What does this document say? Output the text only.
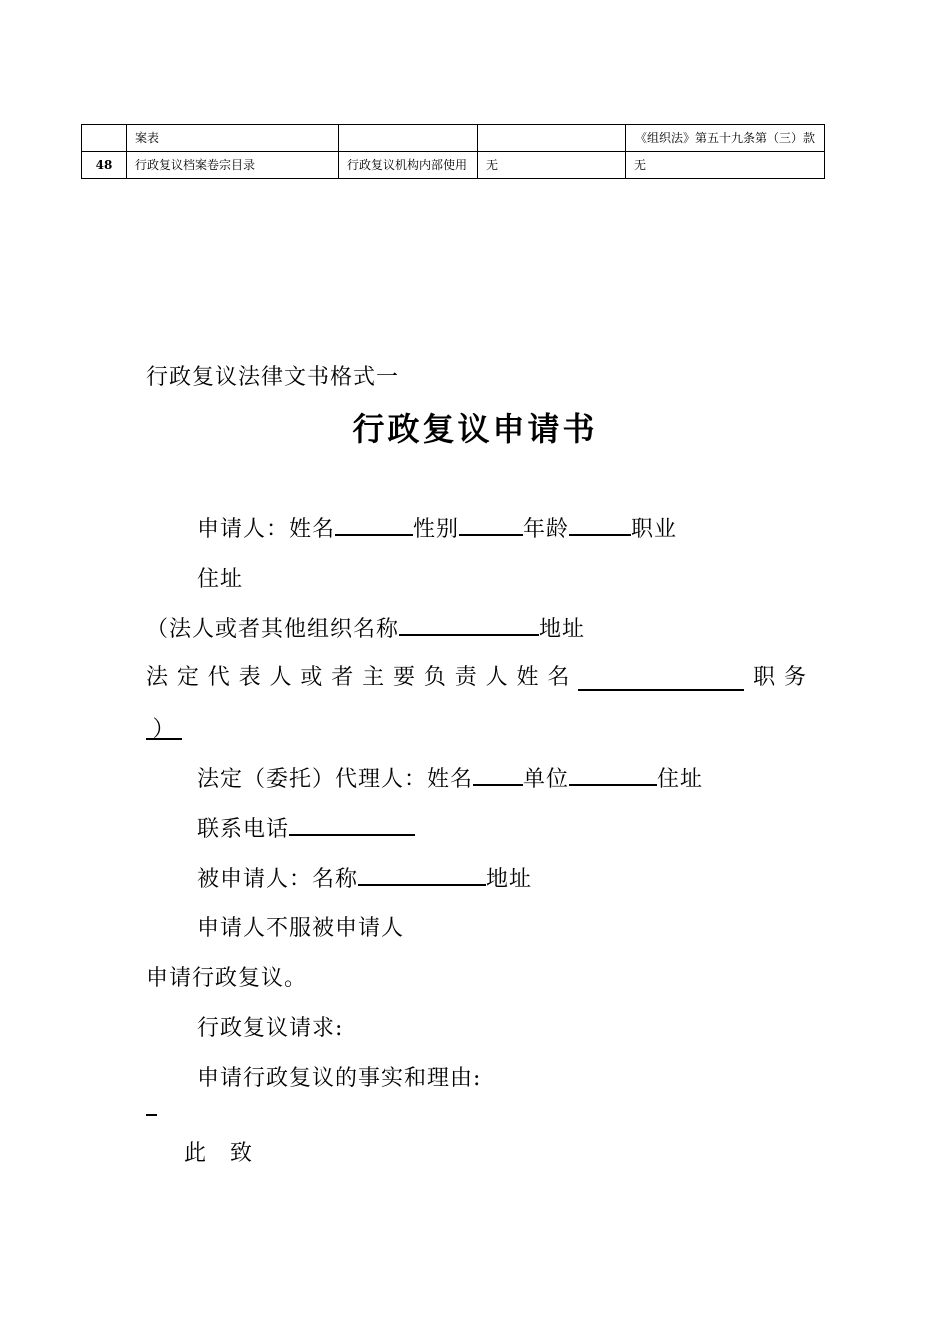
	案表			《组织法》第五十九条第（三）款
48	行政复议档案卷宗目录	行政复议机构内部使用	无	无
行政复议法律文书格式一
行政复议申请书
申请人：姓名	性别	年龄	职业
住址
（法人或者其他组织名称	地址
法 定 代 表 人 或 者 主 要 负 责 人 姓 名	职 务
）
法定（委托）代理人：姓名 单位	住址
联系电话
被申请人：名称	地址
申请人不服被申请人
申请行政复议。
行政复议请求:
申请行政复议的事实和理由:
此　致
